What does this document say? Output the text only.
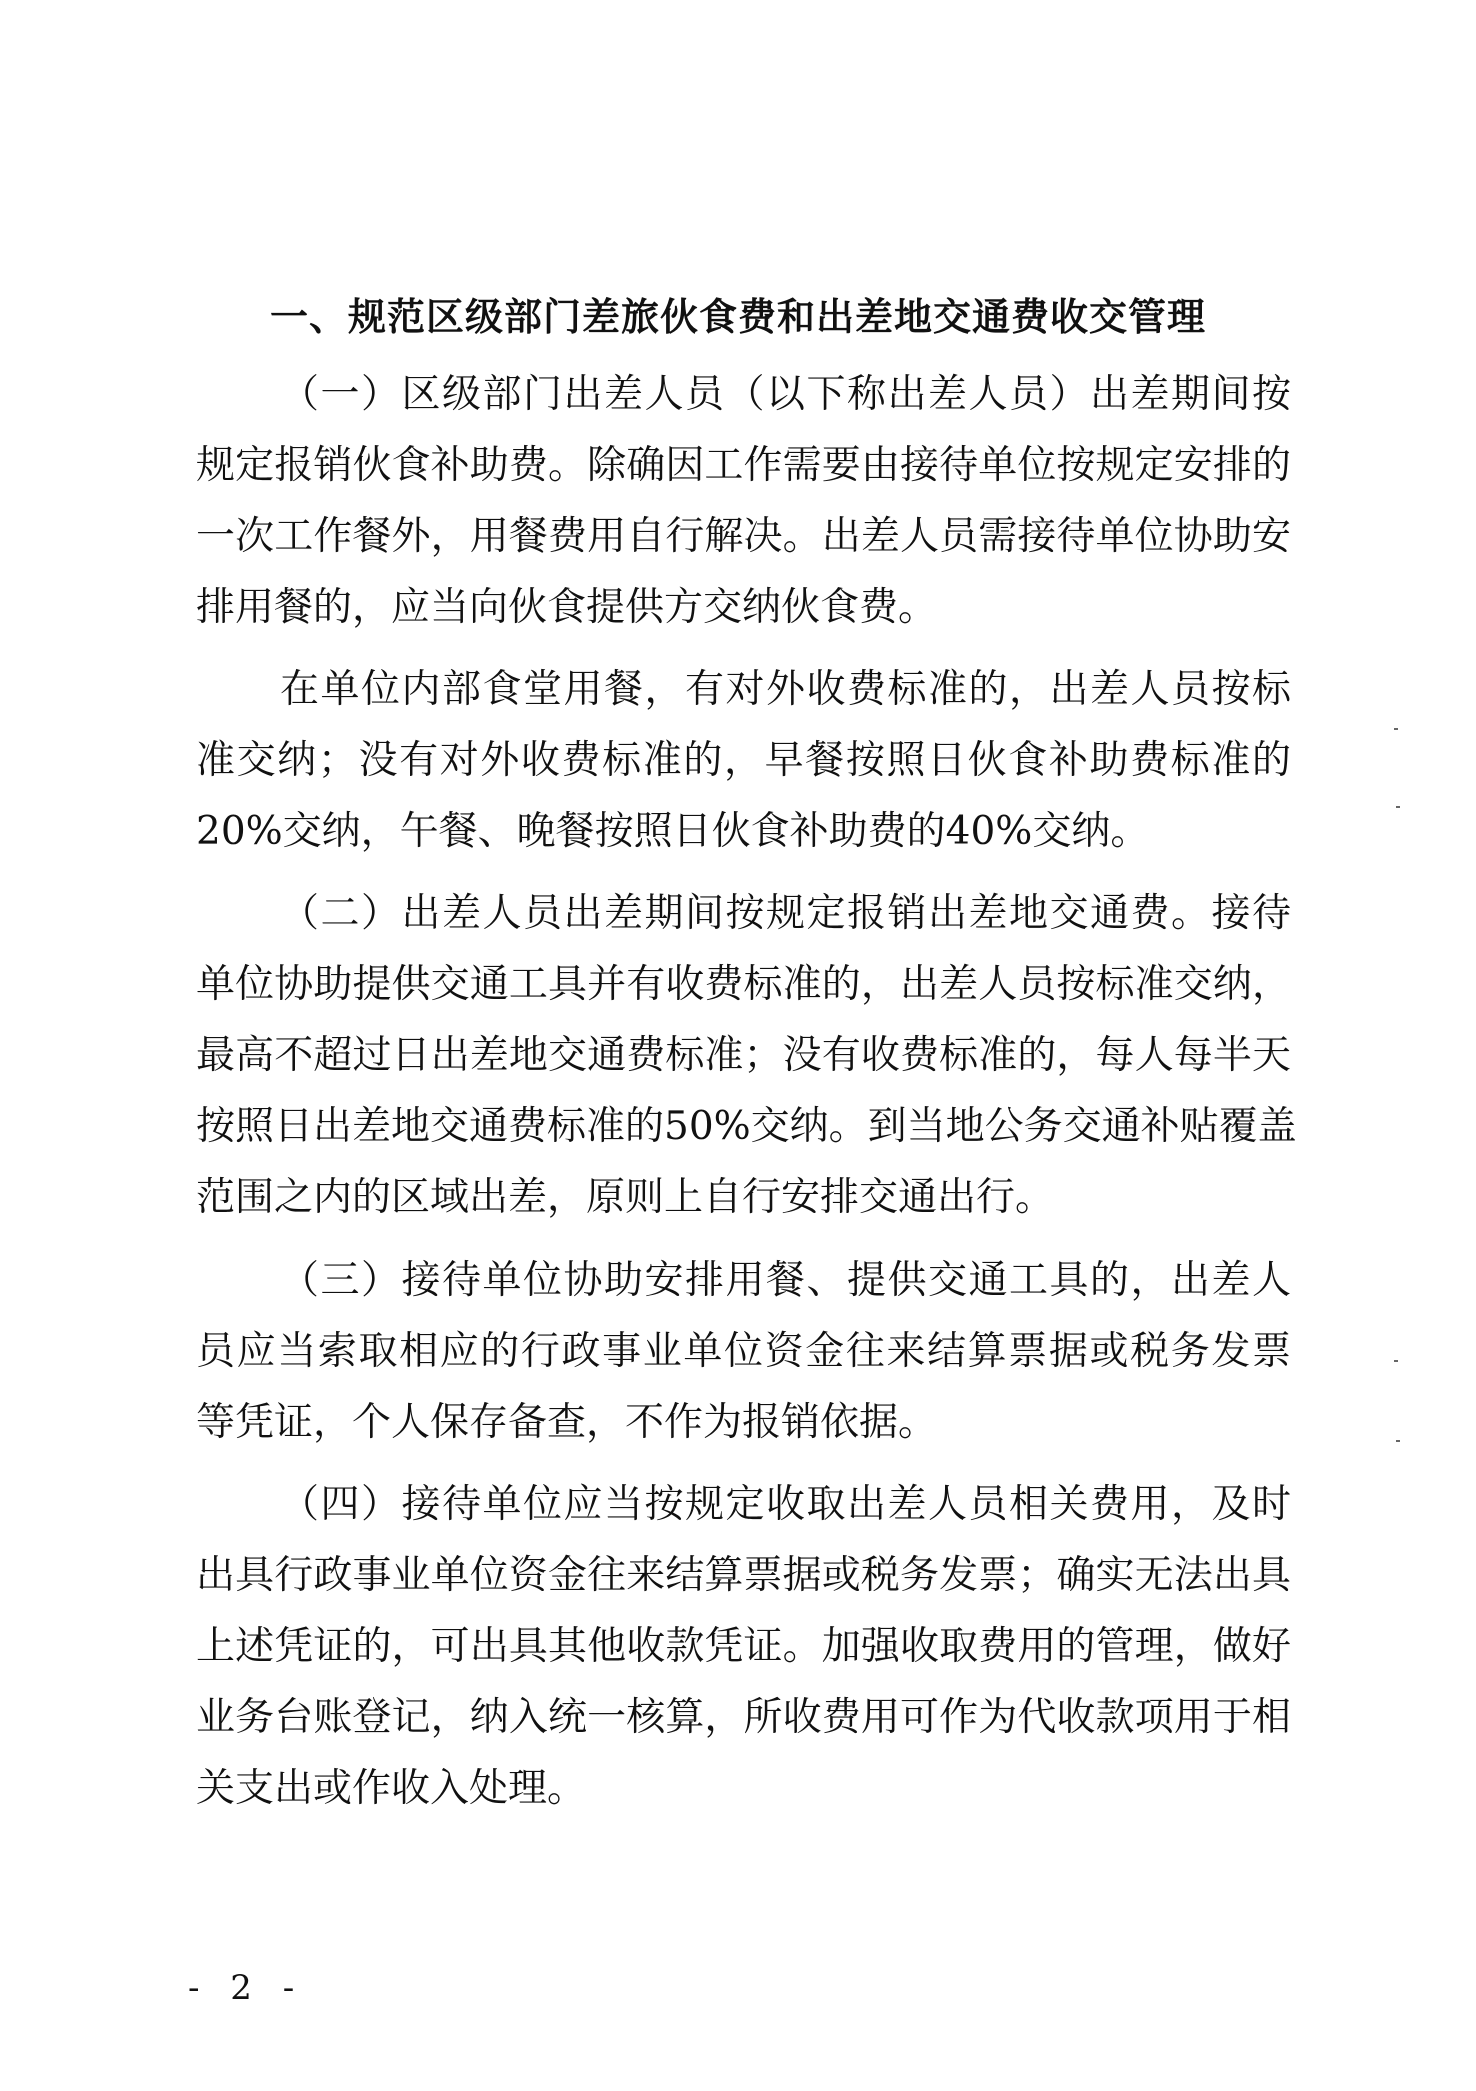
一、规范区级部门差旅伙食费和出差地交通费收交管理
（一）区级部门出差人员（以下称出差人员）出差期间按
规定报销伙食补助费。除确因工作需要由接待单位按规定安排的
一次工作餐外，用餐费用自行解决。出差人员需接待单位协助安
排用餐的，应当向伙食提供方交纳伙食费。
在单位内部食堂用餐，有对外收费标准的，出差人员按标
准交纳；没有对外收费标准的，早餐按照日伙食补助费标准的
20%交纳，午餐、晚餐按照日伙食补助费的40%交纳。
（二）出差人员出差期间按规定报销出差地交通费。接待
单位协助提供交通工具并有收费标准的，出差人员按标准交纳，
最高不超过日出差地交通费标准；没有收费标准的，每人每半天
按照日出差地交通费标准的50%交纳。到当地公务交通补贴覆盖
范围之内的区域出差，原则上自行安排交通出行。
（三）接待单位协助安排用餐、提供交通工具的，出差人
员应当索取相应的行政事业单位资金往来结算票据或税务发票
等凭证，个人保存备查，不作为报销依据。
（四）接待单位应当按规定收取出差人员相关费用，及时
出具行政事业单位资金往来结算票据或税务发票；确实无法出具
上述凭证的，可出具其他收款凭证。加强收取费用的管理，做好
业务台账登记，纳入统一核算，所收费用可作为代收款项用于相
关支出或作收入处理。
- 2 -
